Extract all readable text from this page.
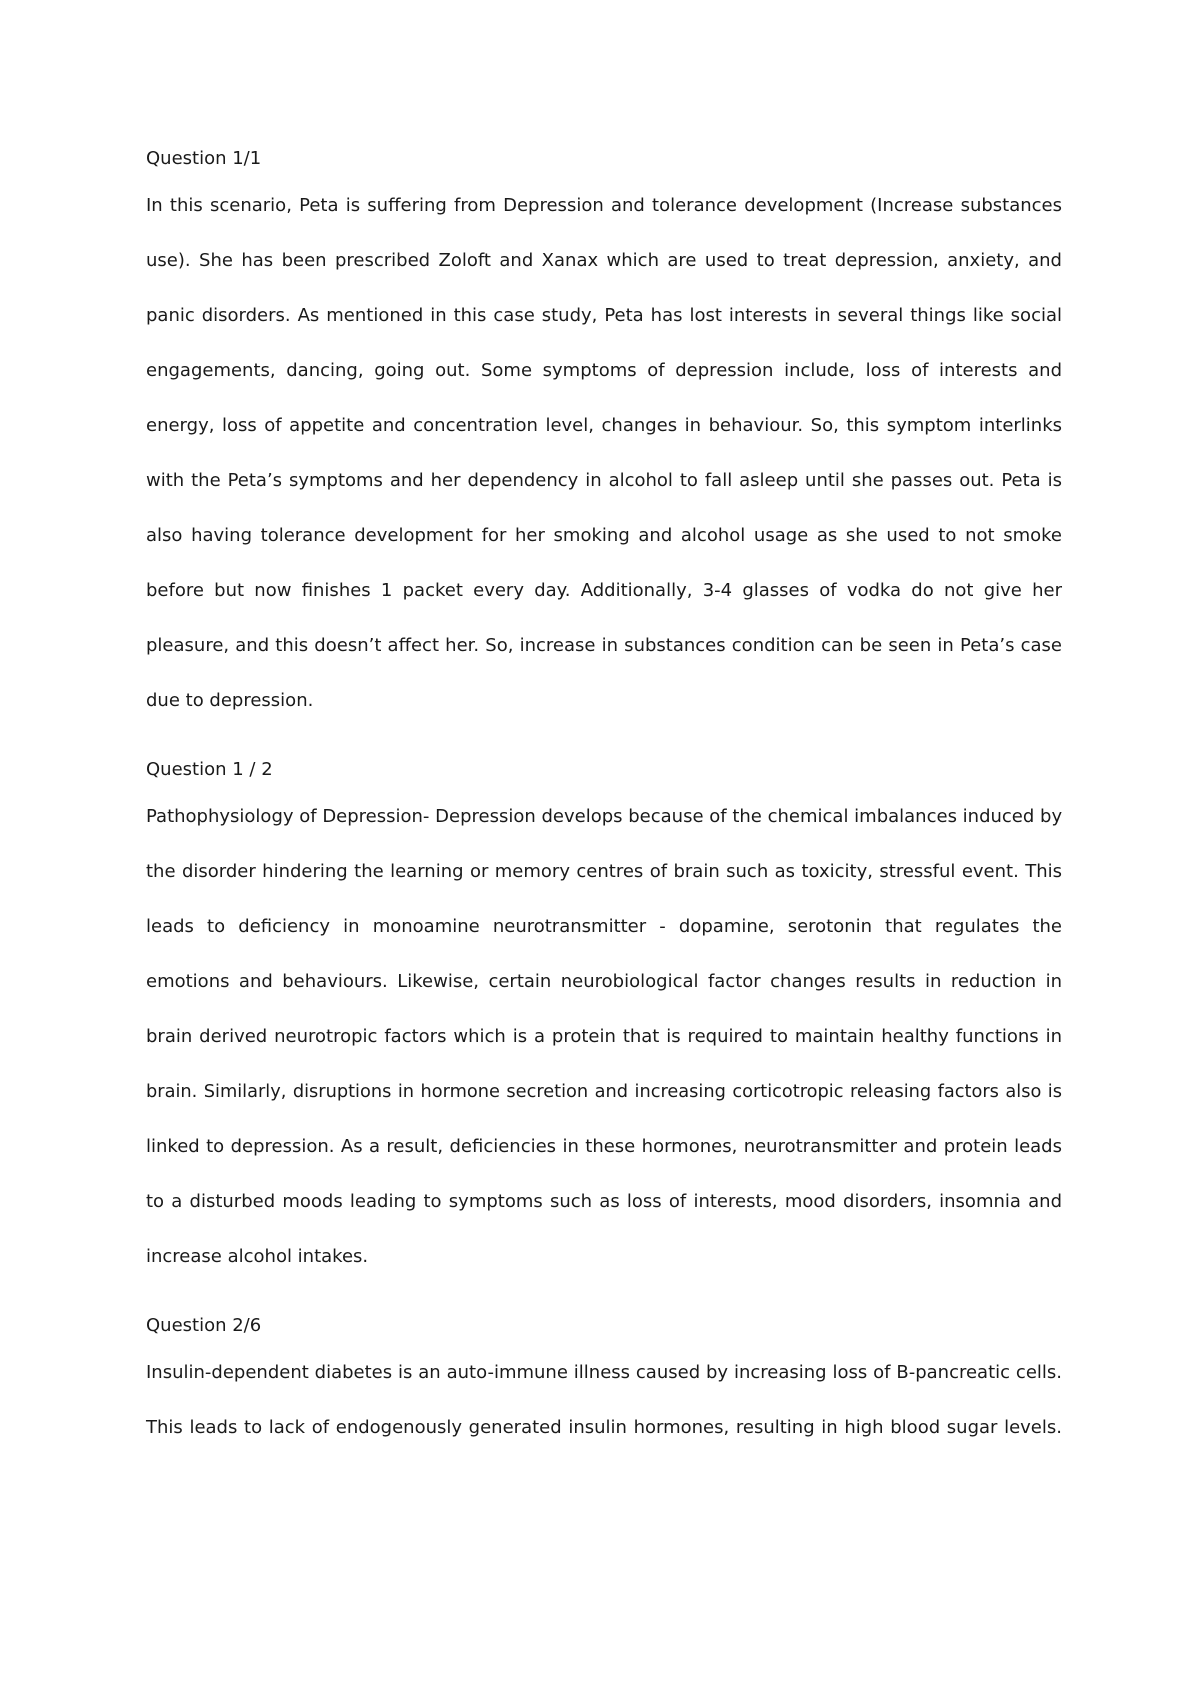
Question 1/1
In this scenario, Peta is suffering from Depression and tolerance development (Increase substances
use). She has been prescribed Zoloft and Xanax which are used to treat depression, anxiety, and
panic disorders. As mentioned in this case study, Peta has lost interests in several things like social
engagements, dancing, going out. Some symptoms of depression include, loss of interests and
energy, loss of appetite and concentration level, changes in behaviour. So, this symptom interlinks
with the Peta’s symptoms and her dependency in alcohol to fall asleep until she passes out. Peta is
also having tolerance development for her smoking and alcohol usage as she used to not smoke
before but now finishes 1 packet every day. Additionally, 3-4 glasses of vodka do not give her
pleasure, and this doesn’t affect her. So, increase in substances condition can be seen in Peta’s case
due to depression.
Question 1 / 2
Pathophysiology of Depression- Depression develops because of the chemical imbalances induced by
the disorder hindering the learning or memory centres of brain such as toxicity, stressful event. This
leads to deficiency in monoamine neurotransmitter - dopamine, serotonin that regulates the
emotions and behaviours. Likewise, certain neurobiological factor changes results in reduction in
brain derived neurotropic factors which is a protein that is required to maintain healthy functions in
brain. Similarly, disruptions in hormone secretion and increasing corticotropic releasing factors also is
linked to depression. As a result, deficiencies in these hormones, neurotransmitter and protein leads
to a disturbed moods leading to symptoms such as loss of interests, mood disorders, insomnia and
increase alcohol intakes.
Question 2/6
Insulin-dependent diabetes is an auto-immune illness caused by increasing loss of B-pancreatic cells.
This leads to lack of endogenously generated insulin hormones, resulting in high blood sugar levels.
